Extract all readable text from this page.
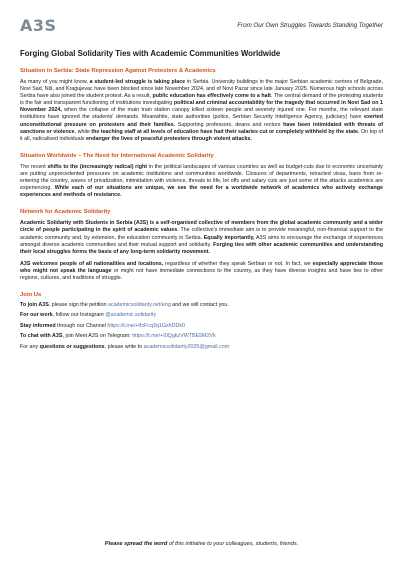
A3S	From Our Own Struggles Towards Standing Together
Forging Global Solidarity Ties with Academic Communities Worldwide
Situation in Serbia: State Repression Against Protesters & Academics

As many of you might know, a student-led struggle is taking place in Serbia. University buildings in the major Serbian academic centres of Belgrade, Novi Sad, Niš, and Kragujevac have been blocked since late November 2024, and of Novi Pazar since late January 2025. Numerous high schools across Serbia have also joined the student protest. As a result, public education has effectively come to a halt. The central demand of the protesting students is the fair and transparent functioning of institutions investigating political and criminal accountability for the tragedy that occurred in Novi Sad on 1 November 2024, when the collapse of the main train station canopy killed sixteen people and severely injured one. For months, the relevant state institutions have ignored the students' demands. Meanwhile, state authorities (police, Serbian Security Intelligence Agency, judiciary) have exerted unconstitutional pressure on protesters and their families. Supporting professors, deans and rectors have been intimidated with threats of sanctions or violence, while the teaching staff at all levels of education have had their salaries cut or completely withheld by the state. On top of it all, radicalised individuals endanger the lives of peaceful protesters through violent attacks.

Situation Worldwide – The Need for International Academic Solidarity

The recent shifts to the (increasingly radical) right in the political landscapes of various countries as well as budget-cuts due to economic uncertainty are putting unprecedented pressures on academic institutions and communities worldwide. Closures of departments, retracted visas, bans from re-entering the country, waves of privatization, intimidation with violence, threats to life, let offs and salary cuts are just some of the attacks academics are experiencing. While each of our situations are unique, we see the need for a worldwide network of academics who actively exchange experiences and methods of resistance.

Network for Academic Solidarity

Academic Solidarity with Students in Serbia (A3S) is a self-organised collective of members from the global academic community and a wider circle of people participating in the spirit of academic values. The collective's immediate aim is to provide meaningful, non-financial support to the academic community and, by extension, the education community in Serbia. Equally importantly, A3S aims to encourage the exchange of experiences amongst diverse academic communities and their mutual support and solidarity. Forging ties with other academic communities and understanding their local struggles forms the basis of any long-term solidarity movement.

A3S welcomes people of all nationalities and locations, regardless of whether they speak Serbian or not. In fact, we especially appreciate those who might not speak the language or might not have immediate connections to the country, as they have diverse insights and have ties to other regions, cultures, and traditions of struggle.

Join Us

To join A3S, please sign the petition academicsolidarity.net/eng and we will contact you.

For our work, follow our Instagram @academic.solidarity

Stay informed through our Channel https://t.me/+tfzFcq3q1GxhDDk0

To chat with A3S, join Meet A3S on Telegram: https://t.me/+I0QgkzVWTBE5M2Vk

For any questions or suggestions, please write to academicsolidarity2025@gmail.com

Please spread the word of this initiative to your colleagues, students, friends.
